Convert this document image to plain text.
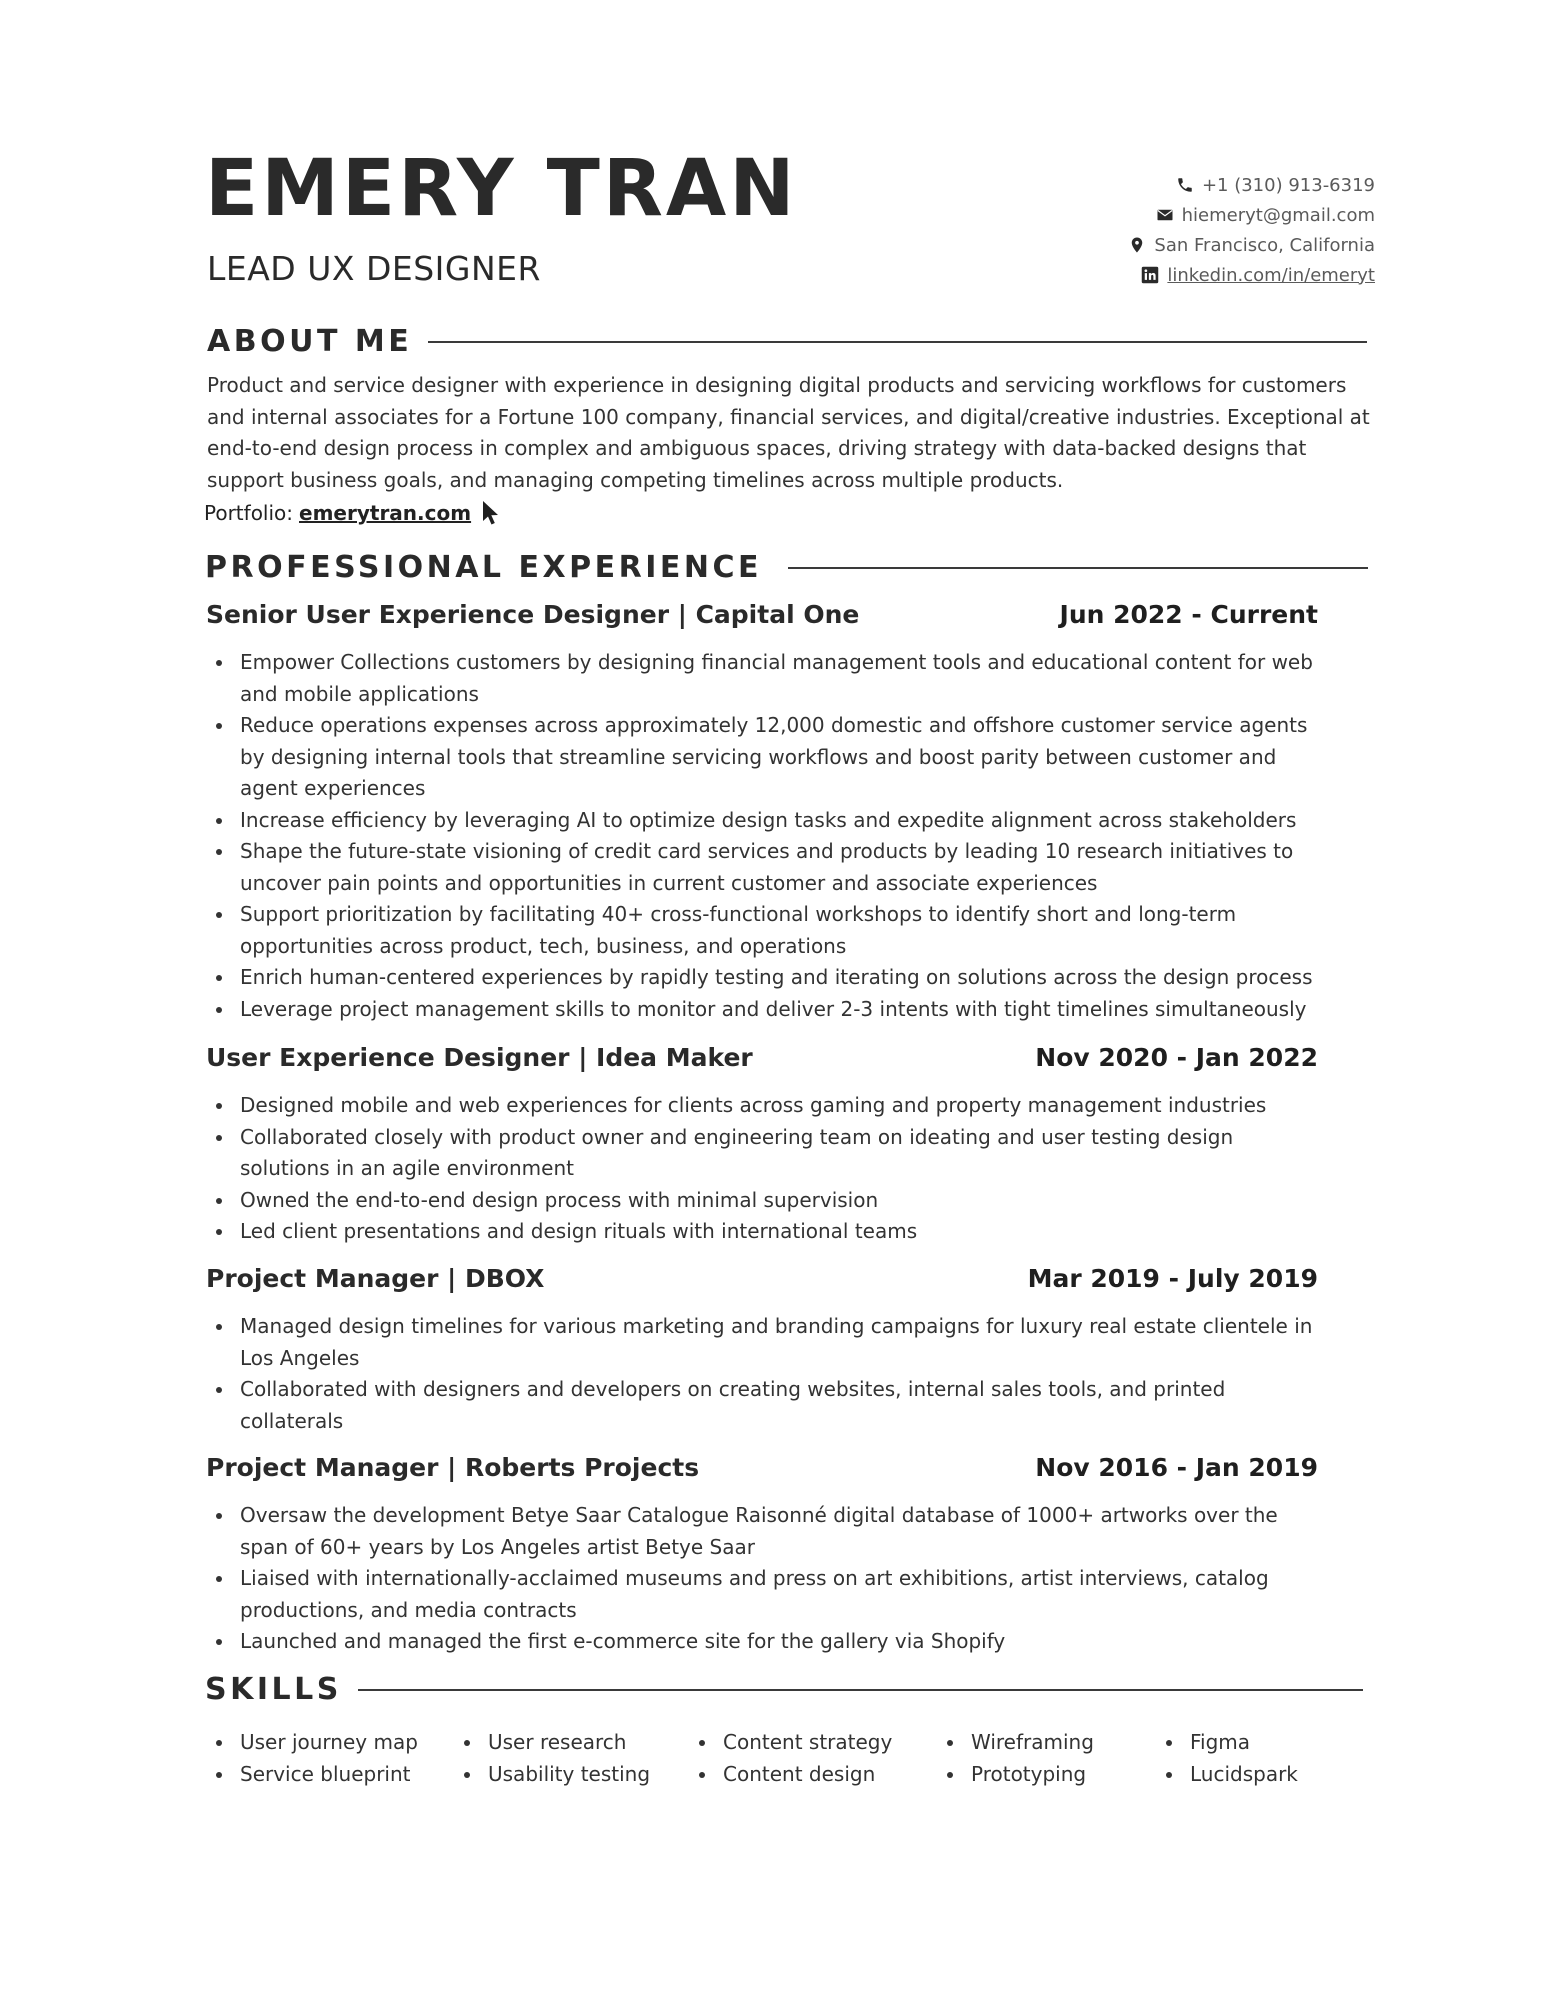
EMERY TRAN
LEAD UX DESIGNER
+1 (310) 913-6319
hiemeryt@gmail.com
San Francisco, California
linkedin.com/in/emeryt
ABOUT ME
Product and service designer with experience in designing digital products and servicing workflows for customers and internal associates for a Fortune 100 company, financial services, and digital/creative industries. Exceptional at end-to-end design process in complex and ambiguous spaces, driving strategy with data-backed designs that support business goals, and managing competing timelines across multiple products.
Portfolio: emerytran.com
PROFESSIONAL EXPERIENCE
Senior User Experience Designer | Capital One	Jun 2022 - Current
Empower Collections customers by designing financial management tools and educational content for web and mobile applications
Reduce operations expenses across approximately 12,000 domestic and offshore customer service agents by designing internal tools that streamline servicing workflows and boost parity between customer and agent experiences
Increase efficiency by leveraging AI to optimize design tasks and expedite alignment across stakeholders
Shape the future-state visioning of credit card services and products by leading 10 research initiatives to uncover pain points and opportunities in current customer and associate experiences
Support prioritization by facilitating 40+ cross-functional workshops to identify short and long-term opportunities across product, tech, business, and operations
Enrich human-centered experiences by rapidly testing and iterating on solutions across the design process
Leverage project management skills to monitor and deliver 2-3 intents with tight timelines simultaneously
User Experience Designer | Idea Maker	Nov 2020 - Jan 2022
Designed mobile and web experiences for clients across gaming and property management industries
Collaborated closely with product owner and engineering team on ideating and user testing design solutions in an agile environment
Owned the end-to-end design process with minimal supervision
Led client presentations and design rituals with international teams
Project Manager | DBOX	Mar 2019 - July 2019
Managed design timelines for various marketing and branding campaigns for luxury real estate clientele in Los Angeles
Collaborated with designers and developers on creating websites, internal sales tools, and printed collaterals
Project Manager | Roberts Projects	Nov 2016 - Jan 2019
Oversaw the development Betye Saar Catalogue Raisonné digital database of 1000+ artworks over the span of 60+ years by Los Angeles artist Betye Saar
Liaised with internationally-acclaimed museums and press on art exhibitions, artist interviews, catalog productions, and media contracts
Launched and managed the first e-commerce site for the gallery via Shopify
SKILLS
User journey map
Service blueprint
User research
Usability testing
Content strategy
Content design
Wireframing
Prototyping
Figma
Lucidspark
